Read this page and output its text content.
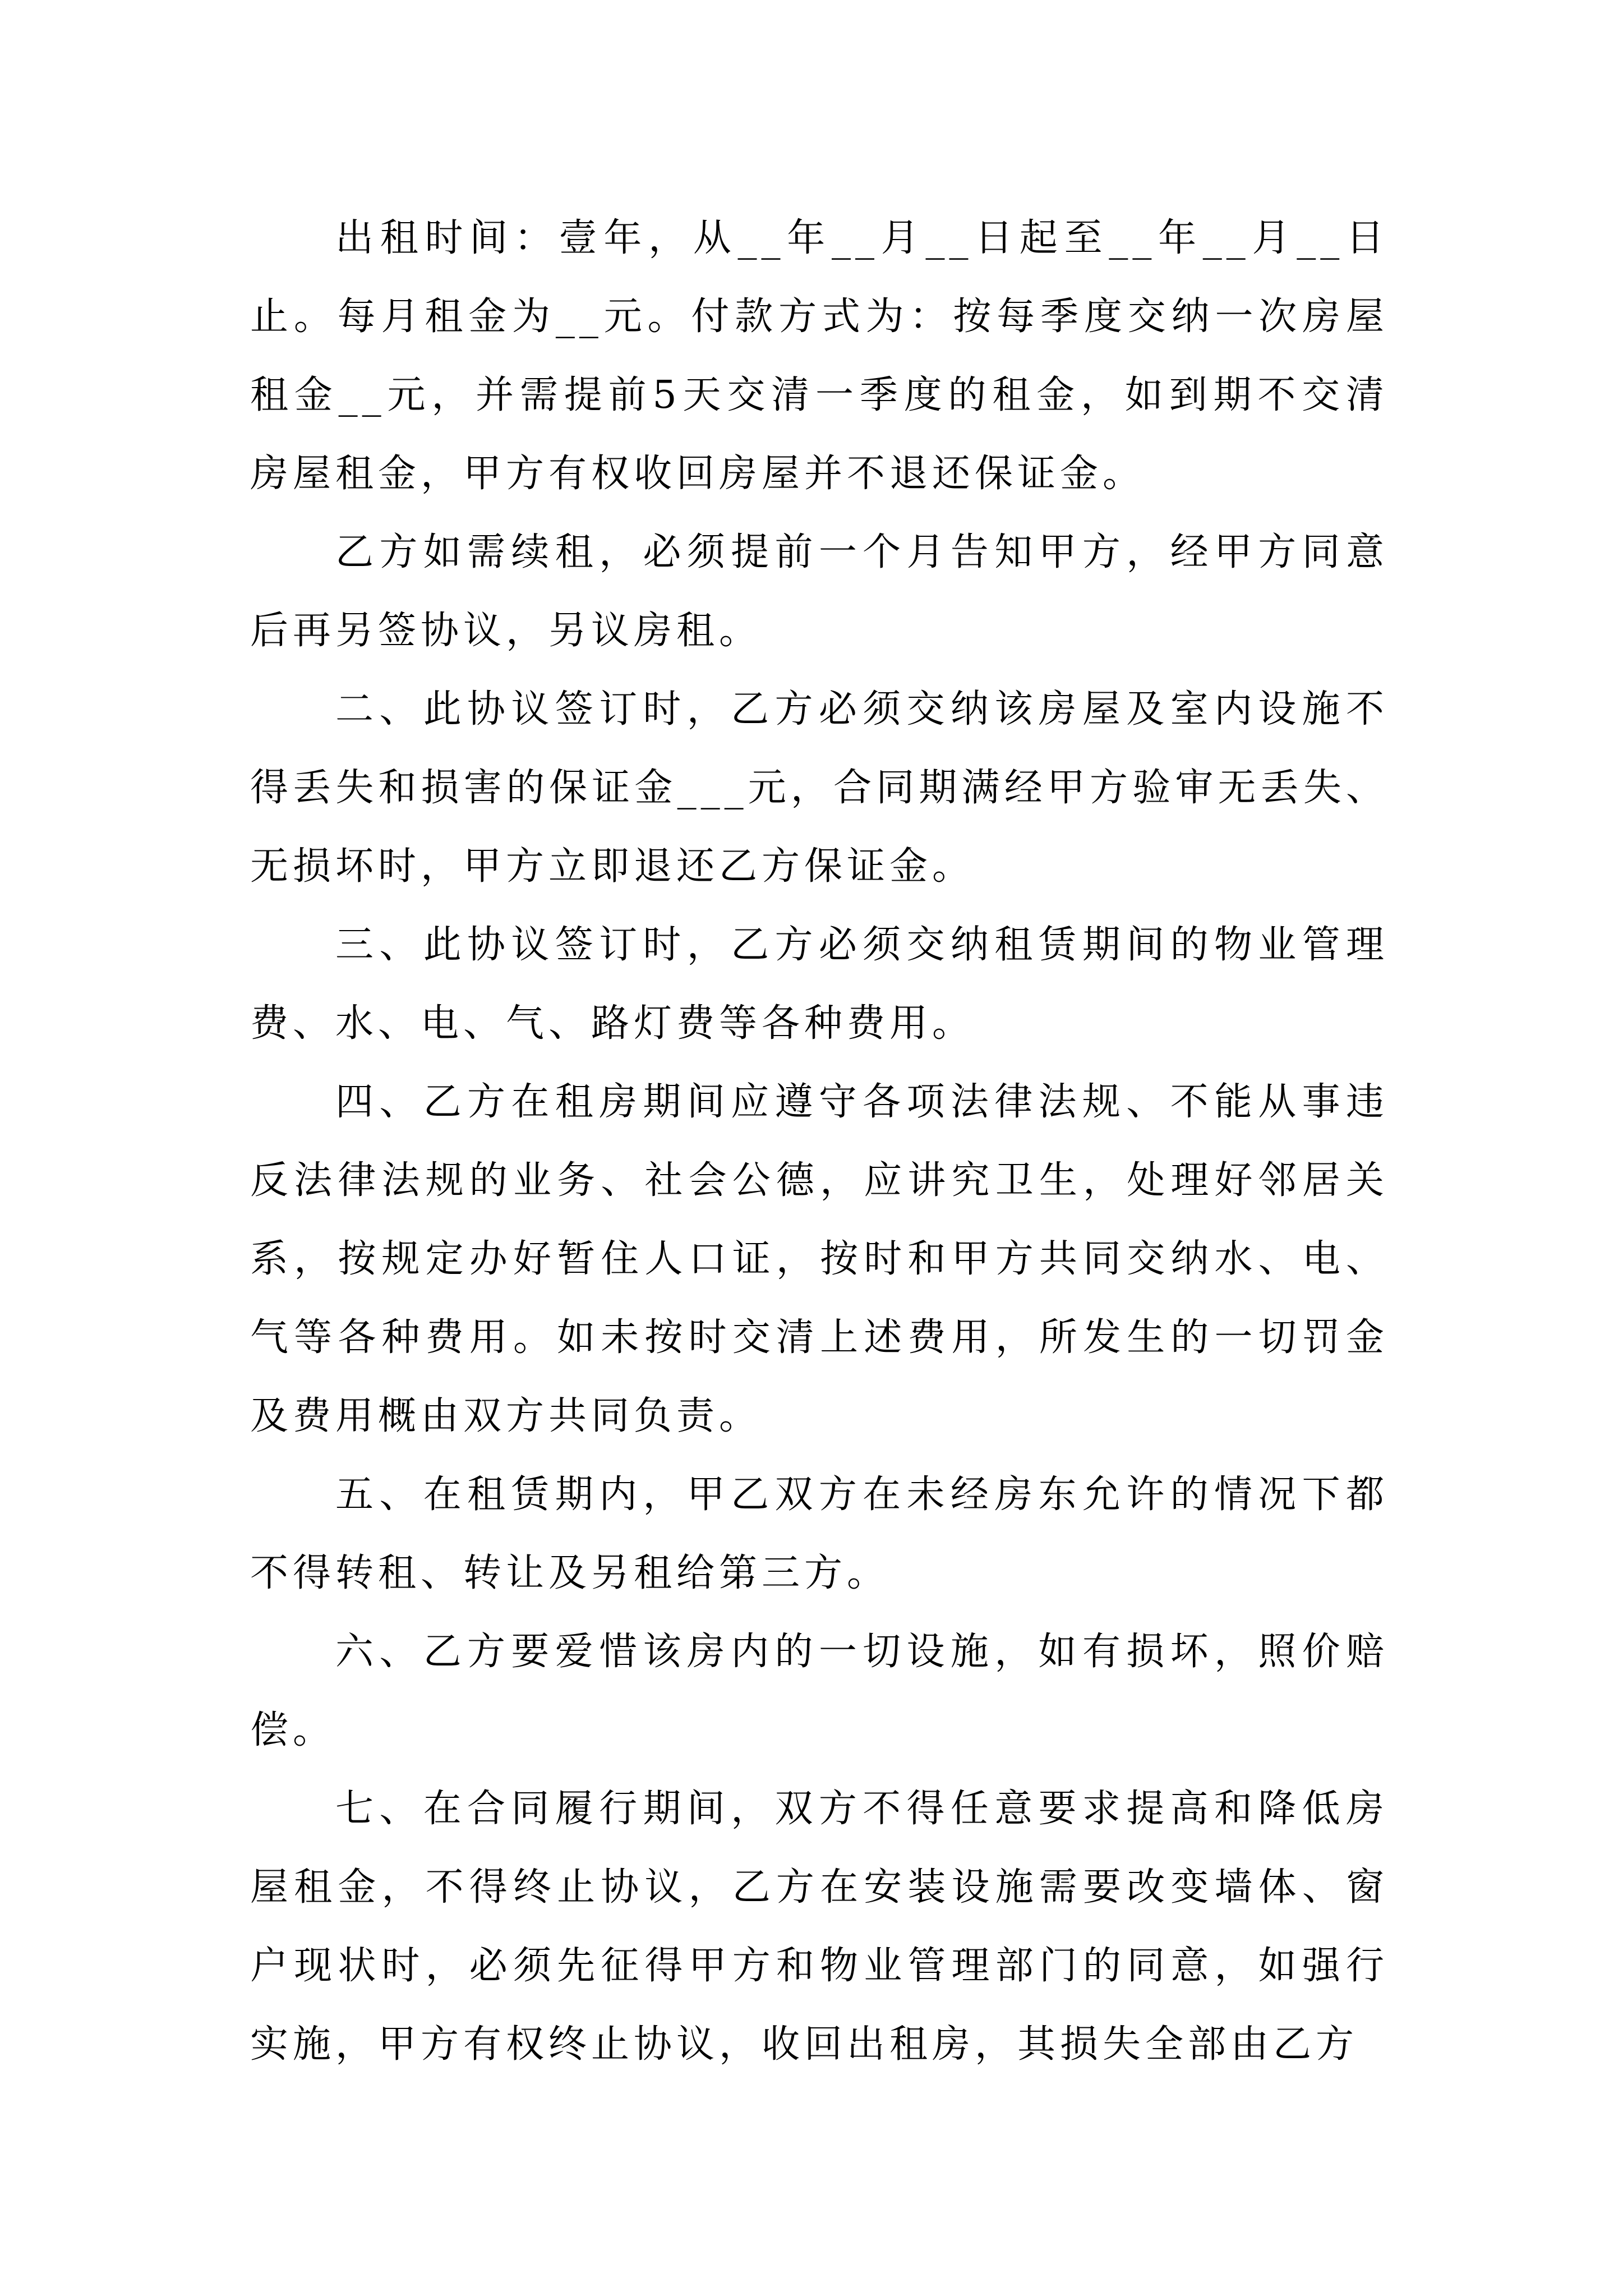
出租时间：壹年，从__年__月__日起至__年__月__日止。每月租金为__元。付款方式为：按每季度交纳一次房屋租金__元，并需提前5天交清一季度的租金，如到期不交清房屋租金，甲方有权收回房屋并不退还保证金。

乙方如需续租，必须提前一个月告知甲方，经甲方同意后再另签协议，另议房租。

二、此协议签订时，乙方必须交纳该房屋及室内设施不得丢失和损害的保证金___元，合同期满经甲方验审无丢失、无损坏时，甲方立即退还乙方保证金。

三、此协议签订时，乙方必须交纳租赁期间的物业管理费、水、电、气、路灯费等各种费用。

四、乙方在租房期间应遵守各项法律法规、不能从事违反法律法规的业务、社会公德，应讲究卫生，处理好邻居关系，按规定办好暂住人口证，按时和甲方共同交纳水、电、气等各种费用。如未按时交清上述费用，所发生的一切罚金及费用概由双方共同负责。

五、在租赁期内，甲乙双方在未经房东允许的情况下都不得转租、转让及另租给第三方。

六、乙方要爱惜该房内的一切设施，如有损坏，照价赔偿。

七、在合同履行期间，双方不得任意要求提高和降低房屋租金，不得终止协议，乙方在安装设施需要改变墙体、窗户现状时，必须先征得甲方和物业管理部门的同意，如强行实施，甲方有权终止协议，收回出租房，其损失全部由乙方
